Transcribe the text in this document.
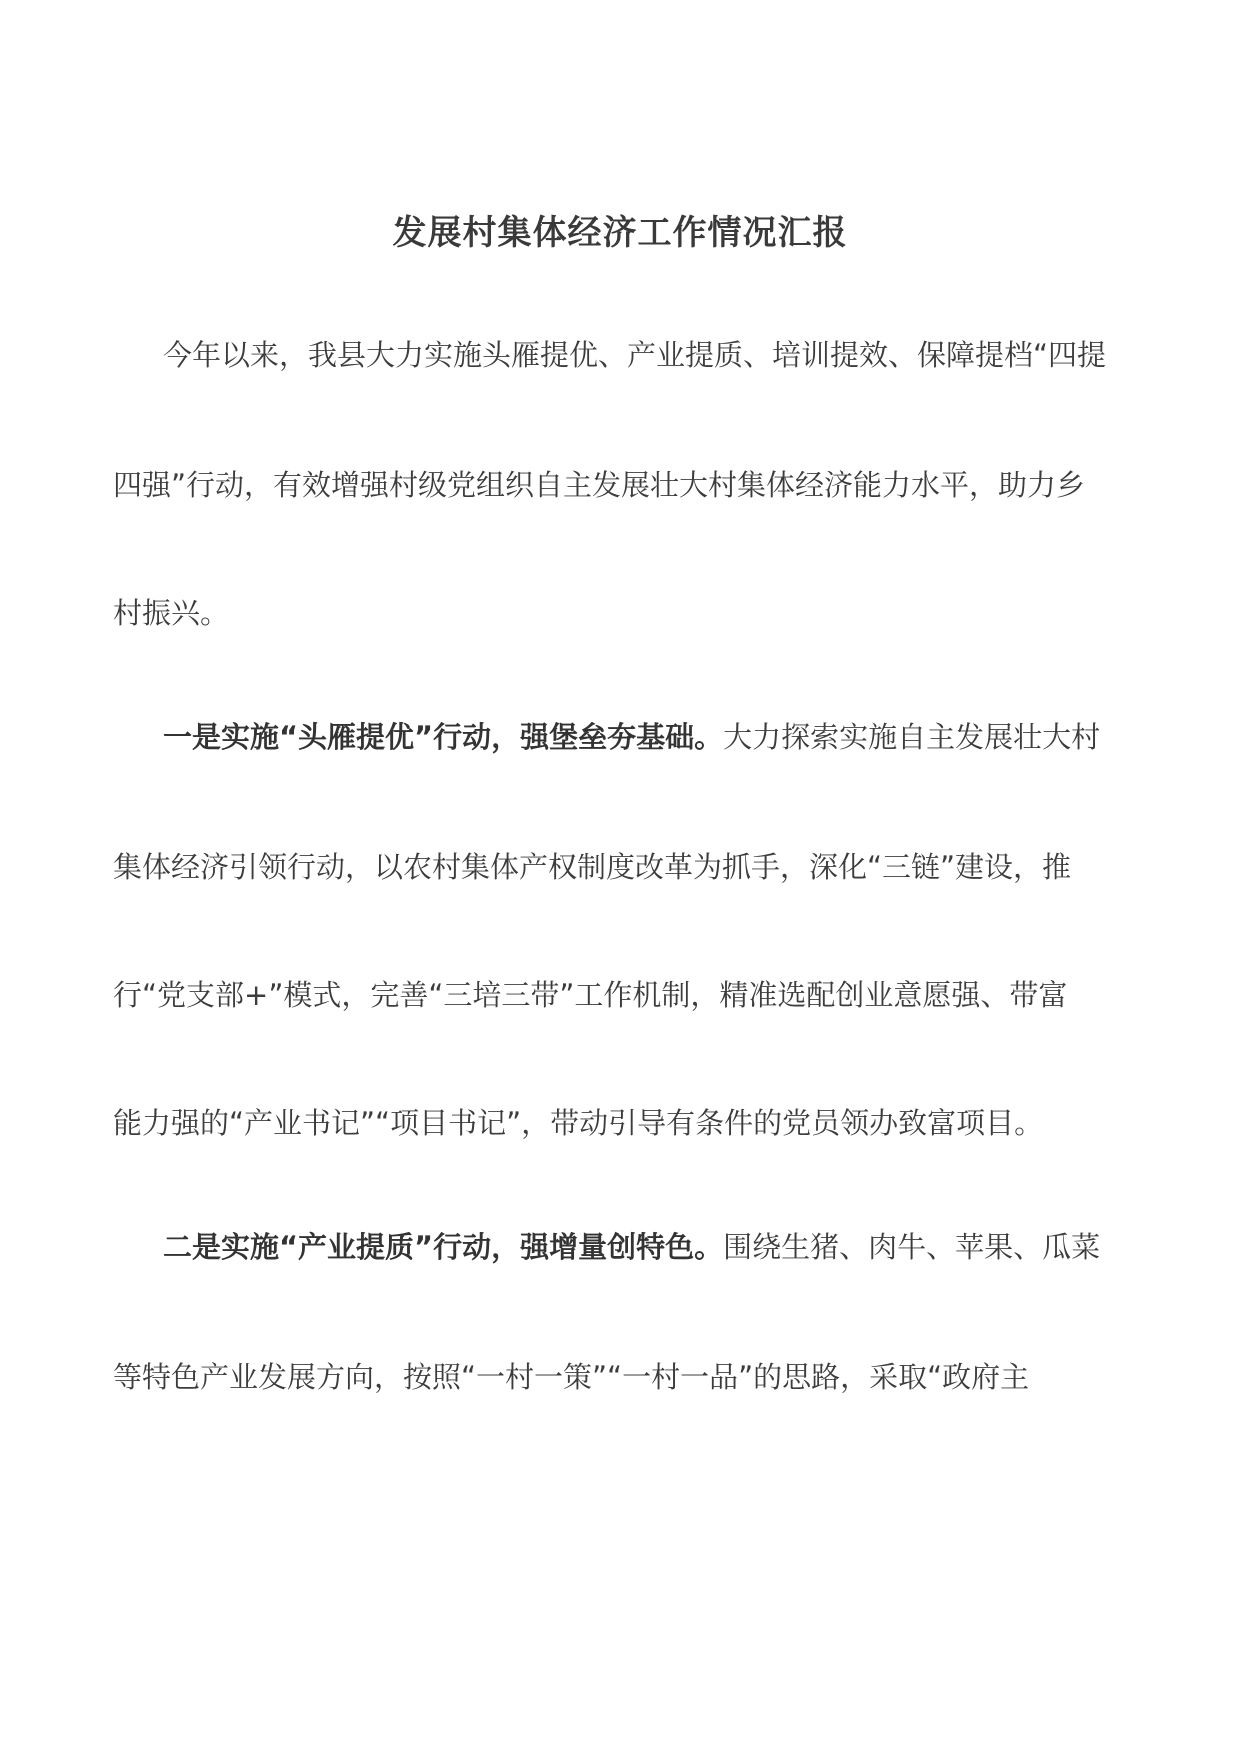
发展村集体经济工作情况汇报
今年以来，我县大力实施头雁提优、产业提质、培训提效、保障提档“四提
四强”行动，有效增强村级党组织自主发展壮大村集体经济能力水平，助力乡
村振兴。
一是实施“头雁提优”行动，强堡垒夯基础。大力探索实施自主发展壮大村
集体经济引领行动，以农村集体产权制度改革为抓手，深化“三链”建设，推
行“党支部+”模式，完善“三培三带”工作机制，精准选配创业意愿强、带富
能力强的“产业书记”“项目书记”，带动引导有条件的党员领办致富项目。
二是实施“产业提质”行动，强增量创特色。围绕生猪、肉牛、苹果、瓜菜
等特色产业发展方向，按照“一村一策”“一村一品”的思路，采取“政府主
